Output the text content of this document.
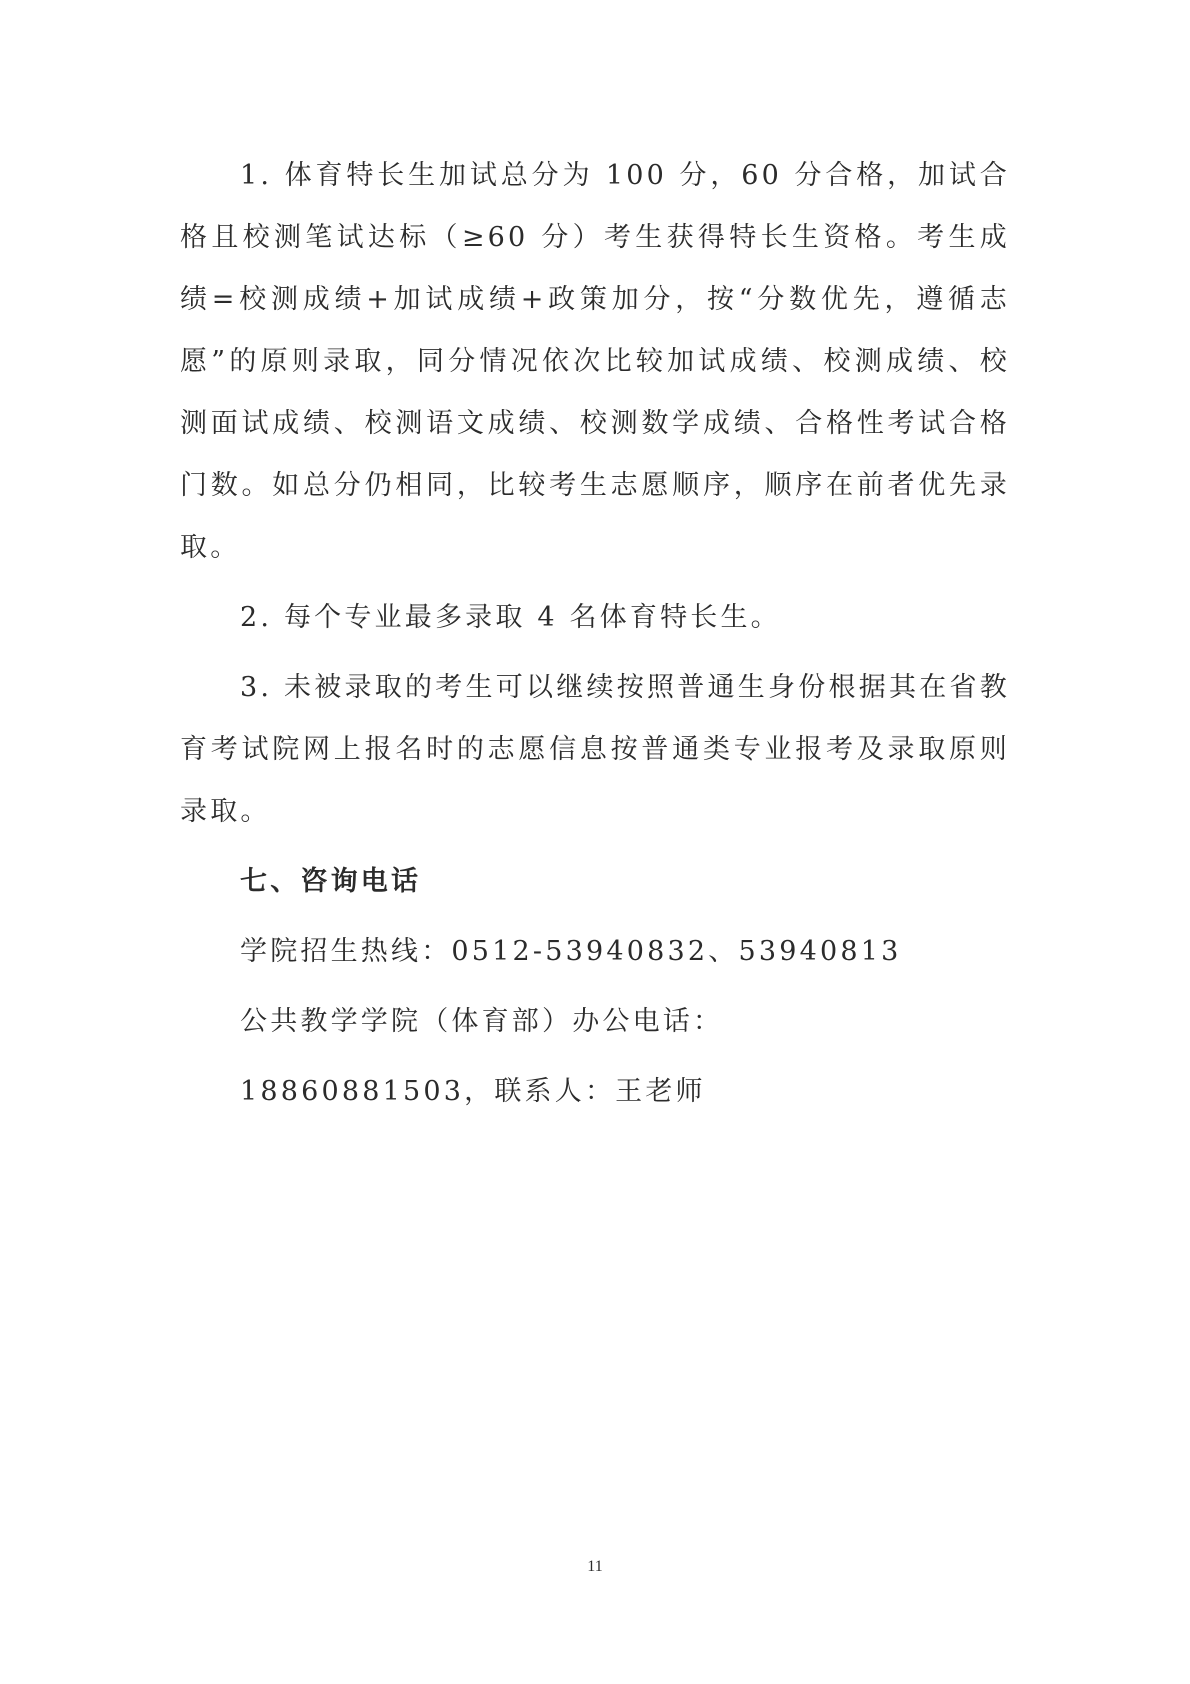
1. 体育特长生加试总分为 100 分，60 分合格，加试合格且校测笔试达标（≥60 分）考生获得特长生资格。考生成绩=校测成绩+加试成绩+政策加分，按“分数优先，遵循志愿”的原则录取，同分情况依次比较加试成绩、校测成绩、校测面试成绩、校测语文成绩、校测数学成绩、合格性考试合格门数。如总分仍相同，比较考生志愿顺序，顺序在前者优先录取。

2. 每个专业最多录取 4 名体育特长生。

3. 未被录取的考生可以继续按照普通生身份根据其在省教育考试院网上报名时的志愿信息按普通类专业报考及录取原则录取。

七、咨询电话

学院招生热线：0512-53940832、53940813

公共教学学院（体育部）办公电话：

18860881503，联系人：王老师

11
